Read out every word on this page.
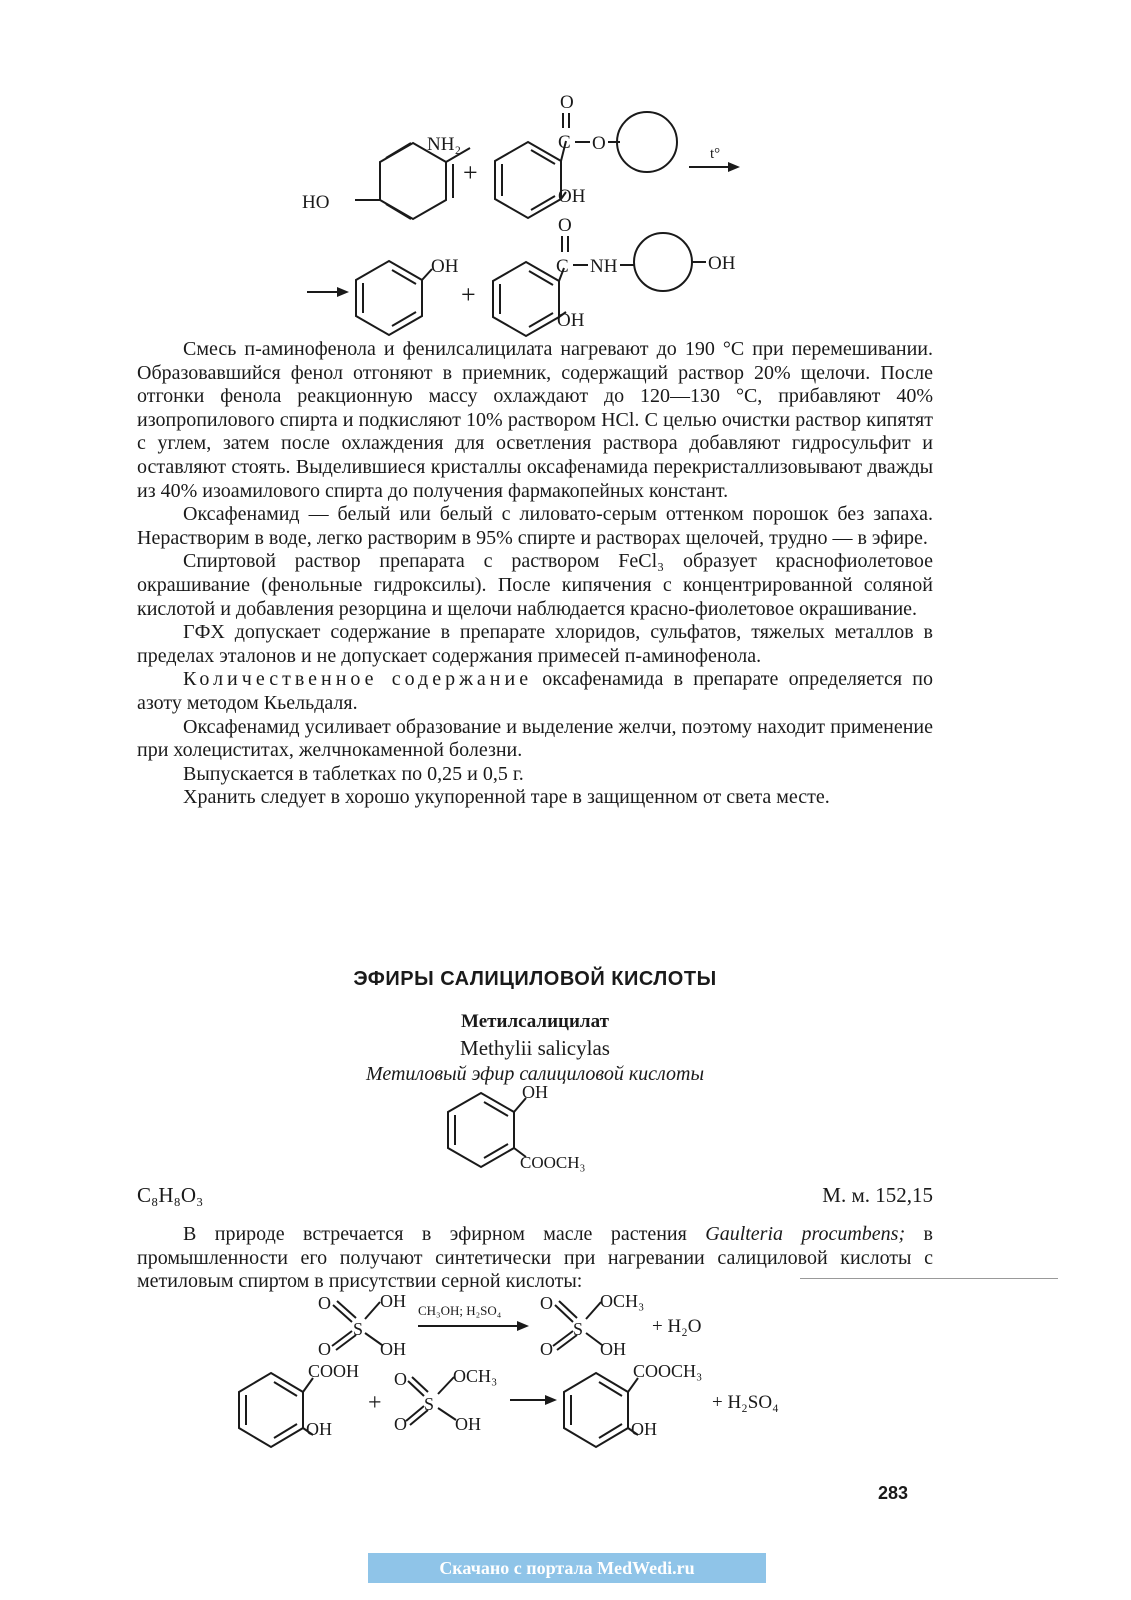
NH₂
HO
+
O
C O
OH
t°
OH
+
O
C NH	OH
OH

Смесь п-аминофенола и фенилсалицилата нагревают до 190 °С при перемешивании. Образовавшийся фенол отгоняют в приемник, содержащий раствор 20% щелочи. После отгонки фенола реакционную массу охлаждают до 120—130 °С, прибавляют 40% изопропилового спирта и подкисляют 10% раствором HCl. С целью очистки раствор кипятят с углем, затем после охлаждения для осветления раствора добавляют гидросульфит и оставляют стоять. Выделившиеся кристаллы оксафенамида перекристаллизовывают дважды из 40% изоамилового спирта до получения фармакопейных констант.

Оксафенамид — белый или белый с лиловато-серым оттенком порошок без запаха. Нерастворим в воде, легко растворим в 95% спирте и растворах щелочей, трудно — в эфире.

Спиртовой раствор препарата с раствором FeCl₃ образует краснофиолетовое окрашивание (фенольные гидроксилы). После кипячения с концентрированной соляной кислотой и добавления резорцина и щелочи наблюдается красно-фиолетовое окрашивание.

ГФХ допускает содержание в препарате хлоридов, сульфатов, тяжелых металлов в пределах эталонов и не допускает содержания примесей п-аминофенола.

Количественное содержание оксафенамида в препарате определяется по азоту методом Кьельдаля.

Оксафенамид усиливает образование и выделение желчи, поэтому находит применение при холециститах, желчнокаменной болезни.

Выпускается в таблетках по 0,25 и 0,5 г.

Хранить следует в хорошо укупоренной таре в защищенном от света месте.

ЭФИРЫ САЛИЦИЛОВОЙ КИСЛОТЫ
Метилсалицилат
Methylii salicylas
Метиловый эфир салициловой кислоты
OH
COOCH₃
C₈H₈O₃	М. м. 152,15

В природе встречается в эфирном масле растения Gaulteria procumbens; в промышленности его получают синтетически при нагревании салициловой кислоты с метиловым спиртом в присутствии серной кислоты:

O	OH
S
O	OH
CH₃OH; H₂SO₄ O	OCH₃
S
O	OH
+ H₂O
COOH
OH
+
O	OCH₃
S
O	OH
COOCH₃
OH
+ H₂SO₄
283
Скачано с портала MedWedi.ru
